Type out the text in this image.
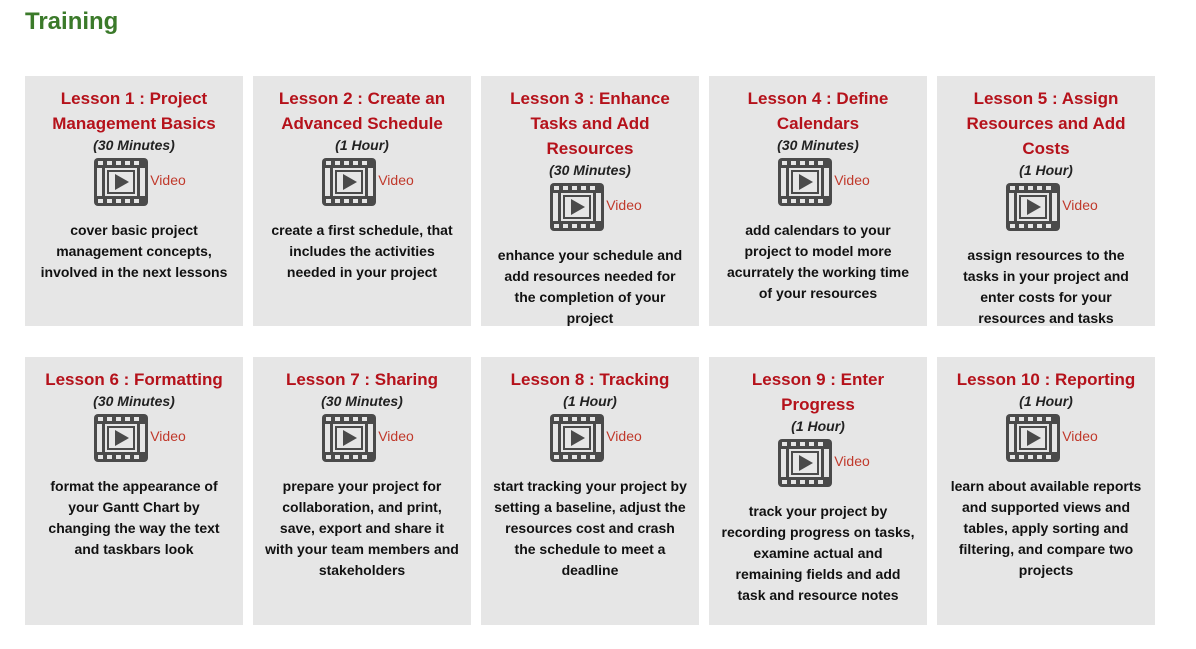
Training

Lesson 1 : Project Management Basics

(30 Minutes)

Video

cover basic project management concepts, involved in the next lessons

Lesson 2 : Create an Advanced Schedule

(1 Hour)

Video

create a first schedule, that includes the activities needed in your project

Lesson 3 : Enhance Tasks and Add Resources

(30 Minutes)

Video

enhance your schedule and add resources needed for the completion of your project

Lesson 4 : Define Calendars

(30 Minutes)

Video

add calendars to your project to model more acurrately the working time of your resources

Lesson 5 : Assign Resources and Add Costs

(1 Hour)

Video

assign resources to the tasks in your project and enter costs for your resources and tasks

Lesson 6 : Formatting

(30 Minutes)

Video

format the appearance of your Gantt Chart by changing the way the text and taskbars look

Lesson 7 : Sharing

(30 Minutes)

Video

prepare your project for collaboration, and print, save, export and share it with your team members and stakeholders

Lesson 8 : Tracking

(1 Hour)

Video

start tracking your project by setting a baseline, adjust the resources cost and crash the schedule to meet a deadline

Lesson 9 : Enter Progress

(1 Hour)

Video

track your project by recording progress on tasks, examine actual and remaining fields and add task and resource notes

Lesson 10 : Reporting

(1 Hour)

Video

learn about available reports and supported views and tables, apply sorting and filtering, and compare two projects
